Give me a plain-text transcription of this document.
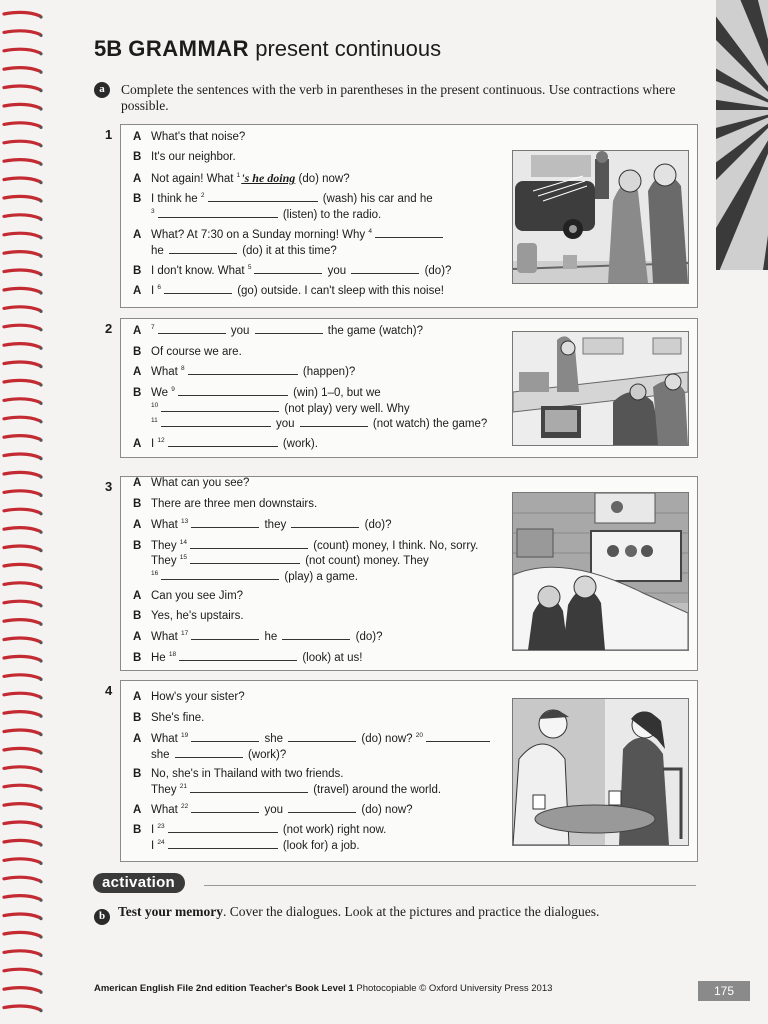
5B GRAMMAR present continuous
a	Complete the sentences with the verb in parentheses in the present continuous. Use contractions where possible.
1 A What's that noise?
B It's our neighbor.
A Not again! What $^1$'s he doing (do) now?
B I think he $^2$	(wash) his car and he
$^3$	(listen) to the radio.
A What? At 7:30 on a Sunday morning! Why $^4$
he	(do) it at this time?
B I don't know. What $^5$	you	(do)?
A I $^6$	(go) outside. I can't sleep with this noise!
2 A $^7$	you	the game (watch)?
B Of course we are.
A What $^8$	(happen)?
B We $^9$	(win) 1–0, but we
$^{10}$	(not play) very well. Why
$^{11}$	you	(not watch) the game?
A I $^{12}$	(work).
3 A What can you see?
B There are three men downstairs.
A What $^{13}$	they	(do)?
B They $^{14}$	(count) money, I think. No, sorry.
They $^{15}$	(not count) money. They
$^{16}$	(play) a game.
A Can you see Jim?
B Yes, he's upstairs.
A What $^{17}$	he	(do)?
B He $^{18}$	(look) at us!
4 A How's your sister?
B She's fine.
A What $^{19}$	she	(do) now? $^{20}$
she	(work)?
B No, she's in Thailand with two friends.
They $^{21}$	(travel) around the world.
A What $^{22}$	you	(do) now?
B I $^{23}$	(not work) right now.
I $^{24}$	(look for) a job.
activation
b Test your memory. Cover the dialogues. Look at the pictures and practice the dialogues.
American English File 2nd edition Teacher's Book Level 1 Photocopiable © Oxford University Press 2013	175
